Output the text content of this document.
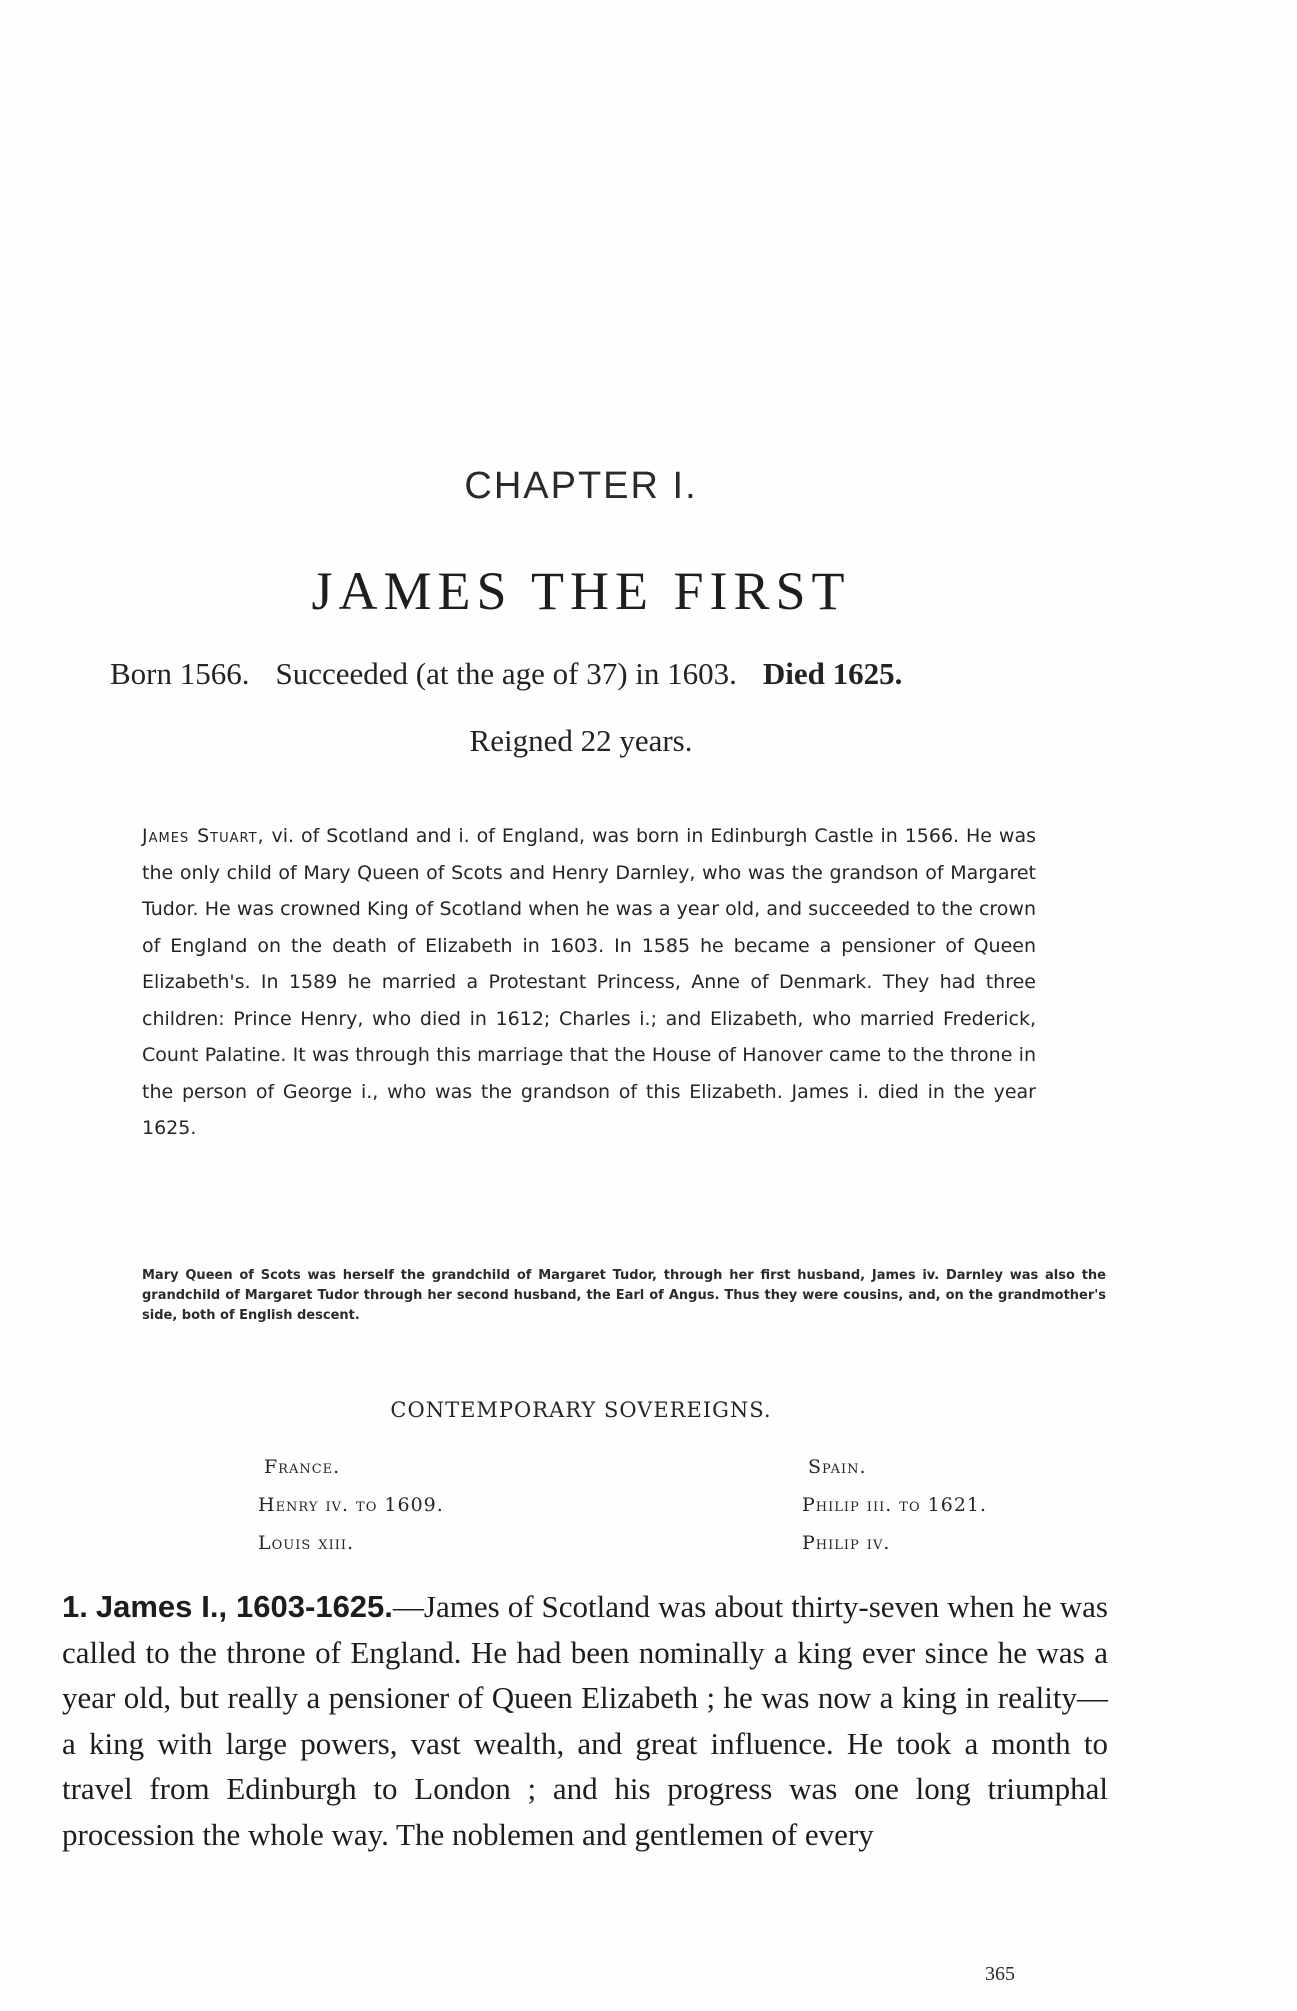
CHAPTER I.
JAMES THE FIRST
Born 1566. Succeeded (at the age of 37) in 1603. Died 1625.
Reigned 22 years.
James Stuart, vi. of Scotland and i. of England, was born in Edinburgh Castle in 1566. He was the only child of Mary Queen of Scots and Henry Darnley, who was the grandson of Margaret Tudor. He was crowned King of Scotland when he was a year old, and succeeded to the crown of England on the death of Elizabeth in 1603. In 1585 he became a pensioner of Queen Elizabeth's. In 1589 he married a Protestant Princess, Anne of Denmark. They had three children: Prince Henry, who died in 1612; Charles i.; and Elizabeth, who married Frederick, Count Palatine. It was through this marriage that the House of Hanover came to the throne in the person of George i., who was the grandson of this Elizabeth. James i. died in the year 1625.
Mary Queen of Scots was herself the grandchild of Margaret Tudor, through her first husband, James iv. Darnley was also the grandchild of Margaret Tudor through her second husband, the Earl of Angus. Thus they were cousins, and, on the grandmother's side, both of English descent.
CONTEMPORARY SOVEREIGNS.
France.
Henry iv. to 1609.
Louis xiii.
Spain.
Philip iii. to 1621.
Philip iv.
1. James I., 1603-1625.—James of Scotland was about thirty-seven when he was called to the throne of England. He had been nominally a king ever since he was a year old, but really a pensioner of Queen Elizabeth ; he was now a king in reality—a king with large powers, vast wealth, and great influence. He took a month to travel from Edinburgh to London ; and his progress was one long triumphal procession the whole way. The noblemen and gentlemen of every
365
